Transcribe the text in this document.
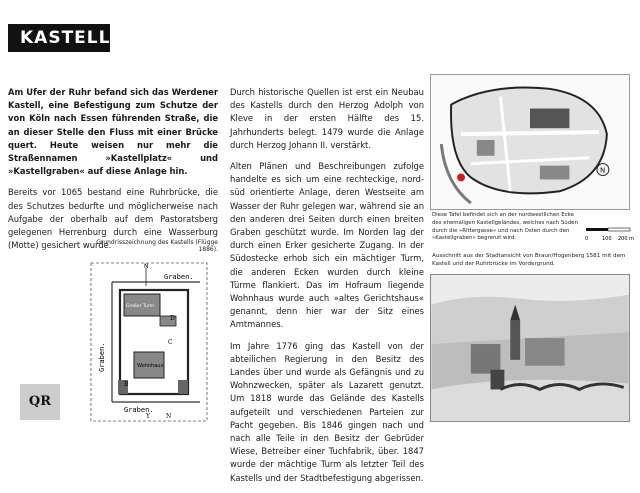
KASTELL

Am Ufer der Ruhr befand sich das Werdener Kastell, eine Befestigung zum Schutze der von Köln nach Essen führenden Straße, die an dieser Stelle den Fluss mit einer Brücke quert. Heute weisen nur mehr die Straßennamen »Kastellplatz« und »Kastellgraben« auf diese Anlage hin.

Bereits vor 1065 bestand eine Ruhrbrücke, die des Schutzes bedurfte und möglicherweise nach Aufgabe der oberhalb auf dem Pastoratsberg gelegenen Herrenburg durch eine Wasserburg (Motte) gesichert wurde.

Grundrisszeichnung des Kastells (Flügge 1886).
N
Graben.
Graben.
Graben.
Großer Turm
Wohnhaus
D
C
Y	N
B
QR

Durch historische Quellen ist erst ein Neubau des Kastells durch den Herzog Adolph von Kleve in der ersten Hälfte des 15. Jahrhunderts belegt. 1479 wurde die Anlage durch Herzog Johann II. verstärkt.

Alten Plänen und Beschreibungen zufolge handelte es sich um eine rechteckige, nord-süd orientierte Anlage, deren Westseite am Wasser der Ruhr gelegen war, während sie an den anderen drei Seiten durch einen breiten Graben geschützt wurde. Im Norden lag der durch einen Erker gesicherte Zugang. In der Südostecke erhob sich ein mächtiger Turm, die anderen Ecken wurden durch kleine Türme flankiert. Das im Hofraum liegende Wohnhaus wurde auch »altes Gerichtshaus« genannt, denn hier war der Sitz eines Amtmannes.

Im Jahre 1776 ging das Kastell von der abteilichen Regierung in den Besitz des Landes über und wurde als Gefängnis und zu Wohnzwecken, später als Lazarett genutzt. Um 1818 wurde das Gelände des Kastells aufgeteilt und verschiedenen Parteien zur Pacht gegeben. Bis 1846 gingen nach und nach alle Teile in den Besitz der Gebrüder Wiese, Betreiber einer Tuchfabrik, über. 1847 wurde der mächtige Turm als letzter Teil des Kastells und der Stadtbefestigung abgerissen.

N
Diese Tafel befindet sich an der nordwestlichen Ecke des ehemaligen Kastellgeländes, welches nach Süden durch die »Rittergasse« und nach Osten durch den »Kastellgraben« begrenzt wird.	0	100 200 m
Ausschnitt aus der Stadtansicht von Braun/Hogenberg 1581 mit dem Kastell und der Ruhrbrücke im Vordergrund.
